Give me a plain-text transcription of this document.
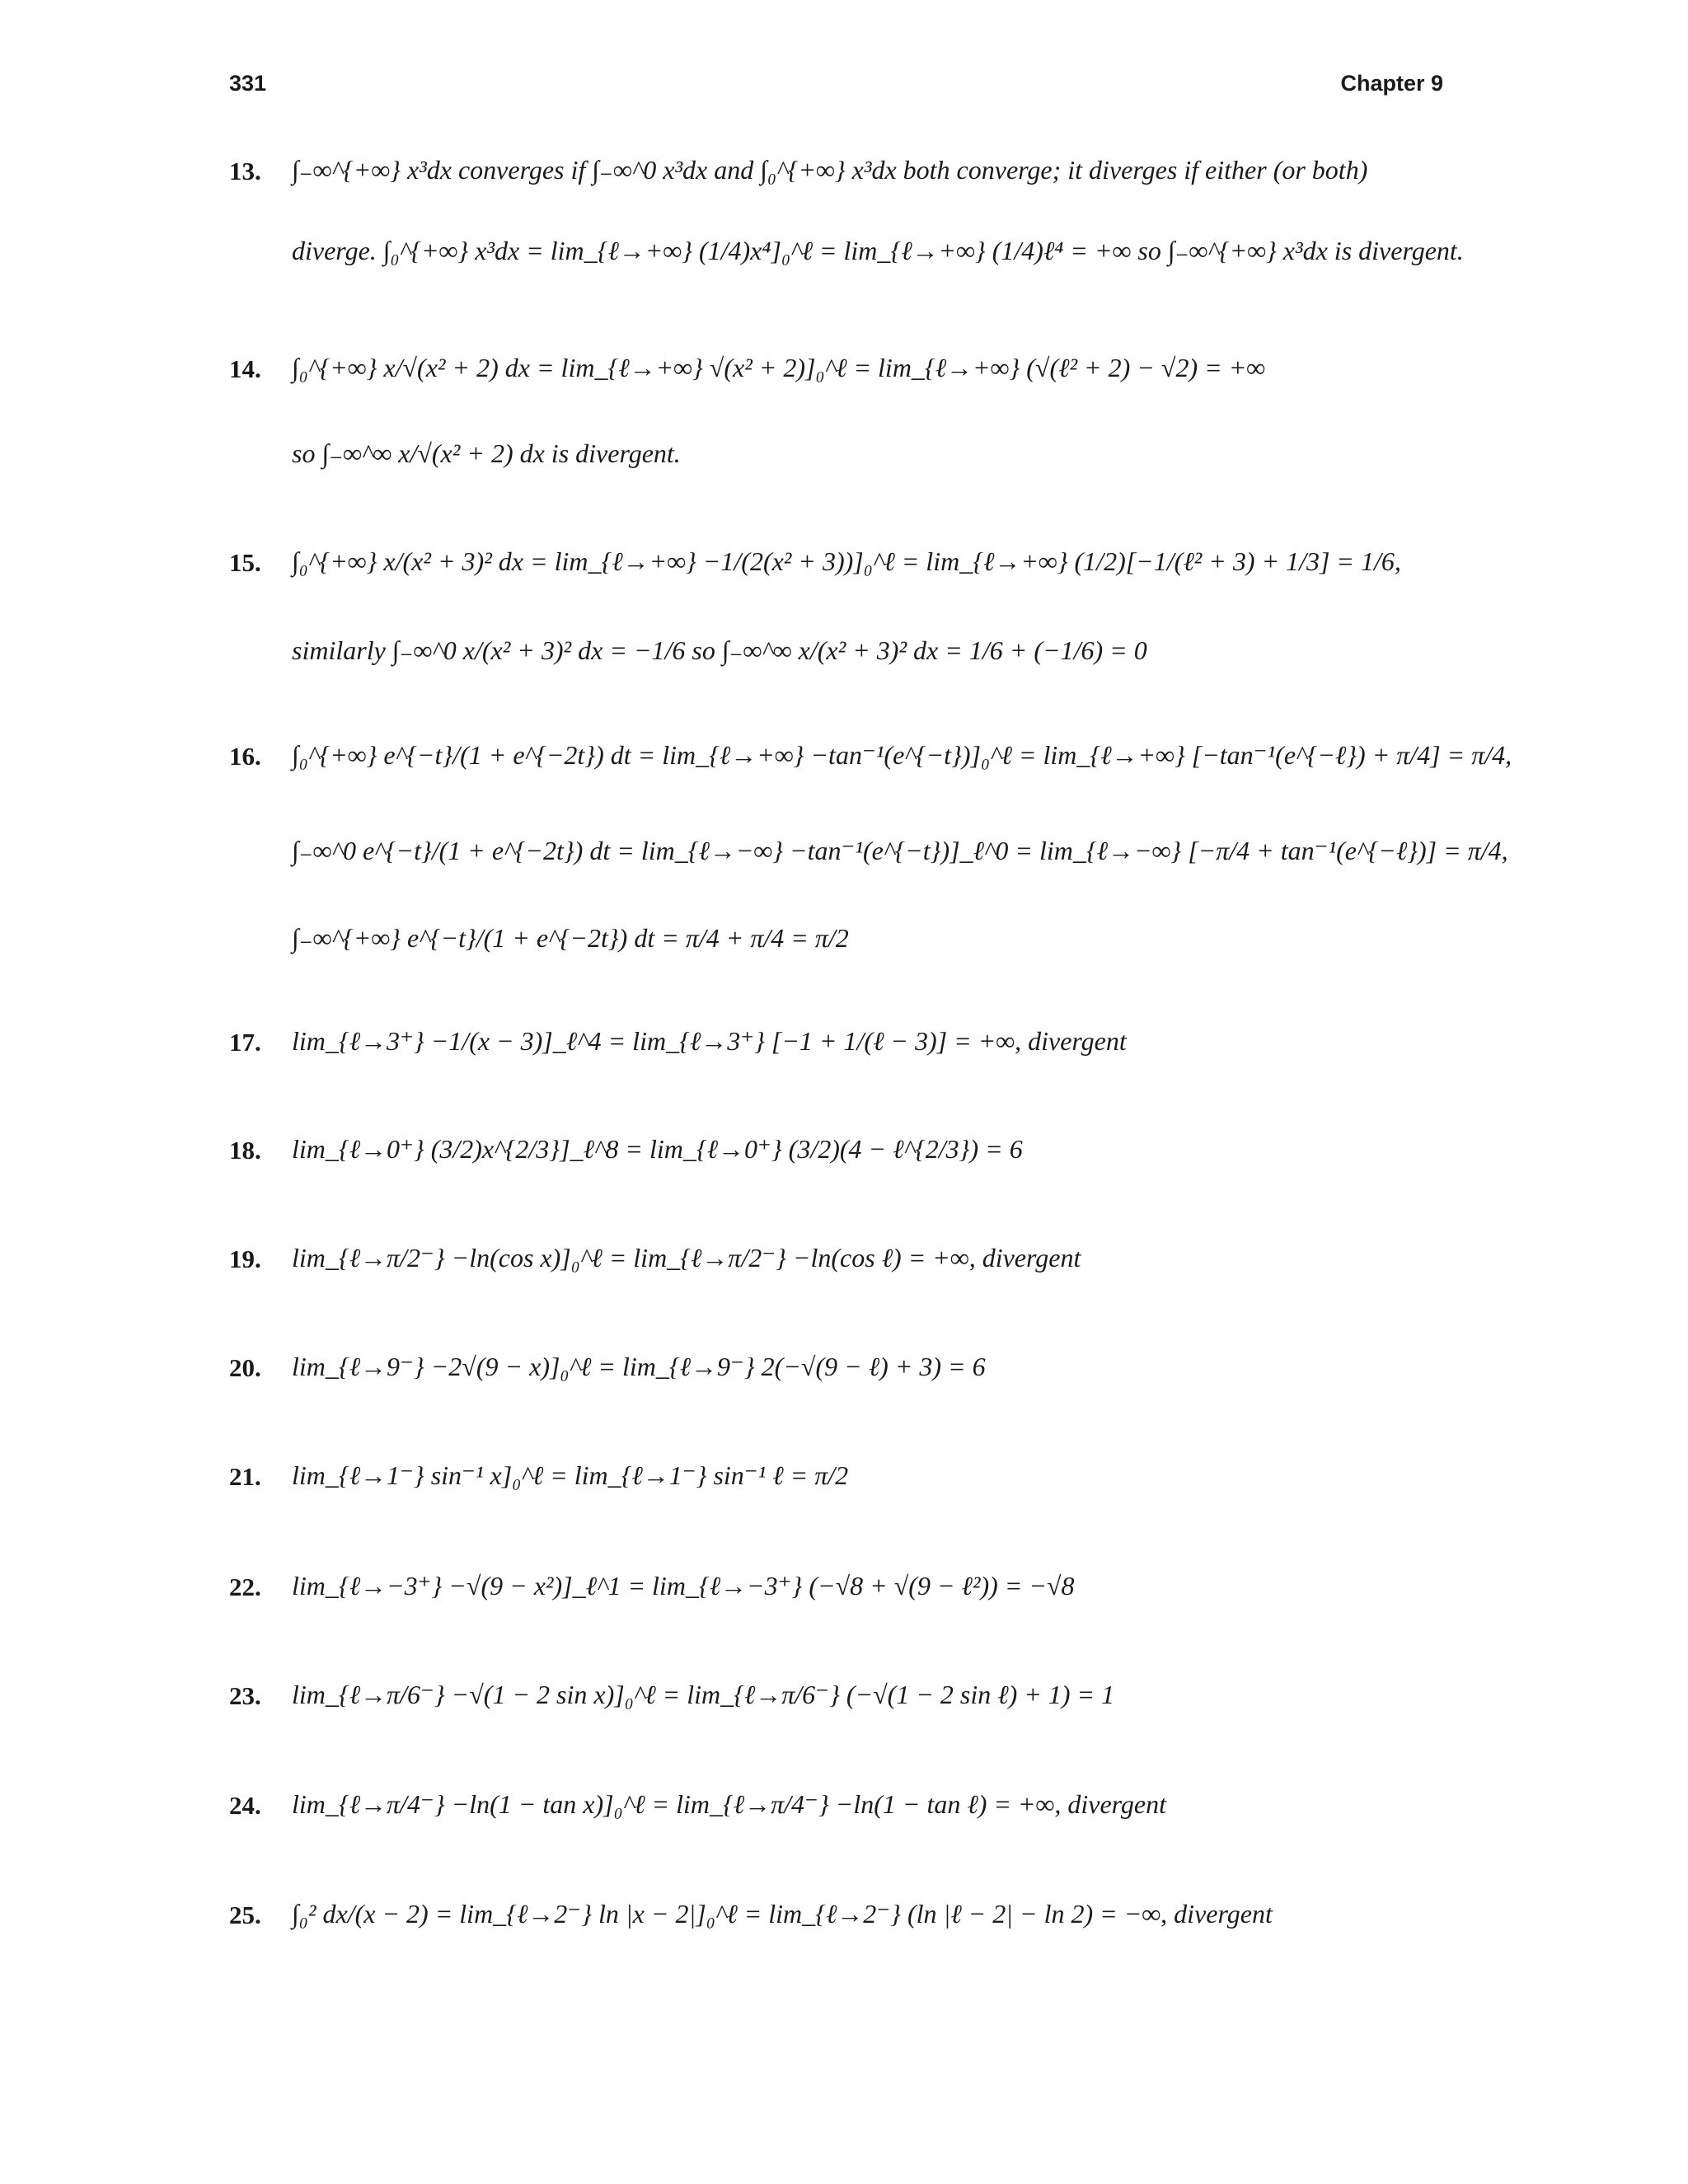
331	Chapter 9
13. ∫₋∞^{+∞} x³dx converges if ∫₋∞^0 x³dx and ∫₀^{+∞} x³dx both converge; it diverges if either (or both)
diverge. ∫₀^{+∞} x³dx = lim_{ℓ→+∞} (1/4)x⁴]₀^ℓ = lim_{ℓ→+∞} (1/4)ℓ⁴ = +∞ so ∫₋∞^{+∞} x³dx is divergent.
14. ∫₀^{+∞} x/√(x² + 2) dx = lim_{ℓ→+∞} √(x² + 2)]₀^ℓ = lim_{ℓ→+∞} (√(ℓ² + 2) − √2) = +∞
so ∫₋∞^∞ x/√(x² + 2) dx is divergent.
15. ∫₀^{+∞} x/(x² + 3)² dx = lim_{ℓ→+∞} −1/(2(x² + 3))]₀^ℓ = lim_{ℓ→+∞} (1/2)[−1/(ℓ² + 3) + 1/3] = 1/6,
similarly ∫₋∞^0 x/(x² + 3)² dx = −1/6 so ∫₋∞^∞ x/(x² + 3)² dx = 1/6 + (−1/6) = 0
16. ∫₀^{+∞} e^{−t}/(1 + e^{−2t}) dt = lim_{ℓ→+∞} −tan⁻¹(e^{−t})]₀^ℓ = lim_{ℓ→+∞} [−tan⁻¹(e^{−ℓ}) + π/4] = π/4,
∫₋∞^0 e^{−t}/(1 + e^{−2t}) dt = lim_{ℓ→−∞} −tan⁻¹(e^{−t})]_ℓ^0 = lim_{ℓ→−∞} [−π/4 + tan⁻¹(e^{−ℓ})] = π/4,
∫₋∞^{+∞} e^{−t}/(1 + e^{−2t}) dt = π/4 + π/4 = π/2
17. lim_{ℓ→3⁺} −1/(x − 3)]_ℓ^4 = lim_{ℓ→3⁺} [−1 + 1/(ℓ − 3)] = +∞, divergent
18. lim_{ℓ→0⁺} (3/2)x^{2/3}]_ℓ^8 = lim_{ℓ→0⁺} (3/2)(4 − ℓ^{2/3}) = 6
19. lim_{ℓ→π/2⁻} −ln(cos x)]₀^ℓ = lim_{ℓ→π/2⁻} −ln(cos ℓ) = +∞, divergent
20. lim_{ℓ→9⁻} −2√(9 − x)]₀^ℓ = lim_{ℓ→9⁻} 2(−√(9 − ℓ) + 3) = 6
21. lim_{ℓ→1⁻} sin⁻¹ x]₀^ℓ = lim_{ℓ→1⁻} sin⁻¹ ℓ = π/2
22. lim_{ℓ→−3⁺} −√(9 − x²)]_ℓ^1 = lim_{ℓ→−3⁺} (−√8 + √(9 − ℓ²)) = −√8
23. lim_{ℓ→π/6⁻} −√(1 − 2 sin x)]₀^ℓ = lim_{ℓ→π/6⁻} (−√(1 − 2 sin ℓ) + 1) = 1
24. lim_{ℓ→π/4⁻} −ln(1 − tan x)]₀^ℓ = lim_{ℓ→π/4⁻} −ln(1 − tan ℓ) = +∞, divergent
25. ∫₀² dx/(x − 2) = lim_{ℓ→2⁻} ln |x − 2|]₀^ℓ = lim_{ℓ→2⁻} (ln |ℓ − 2| − ln 2) = −∞, divergent
